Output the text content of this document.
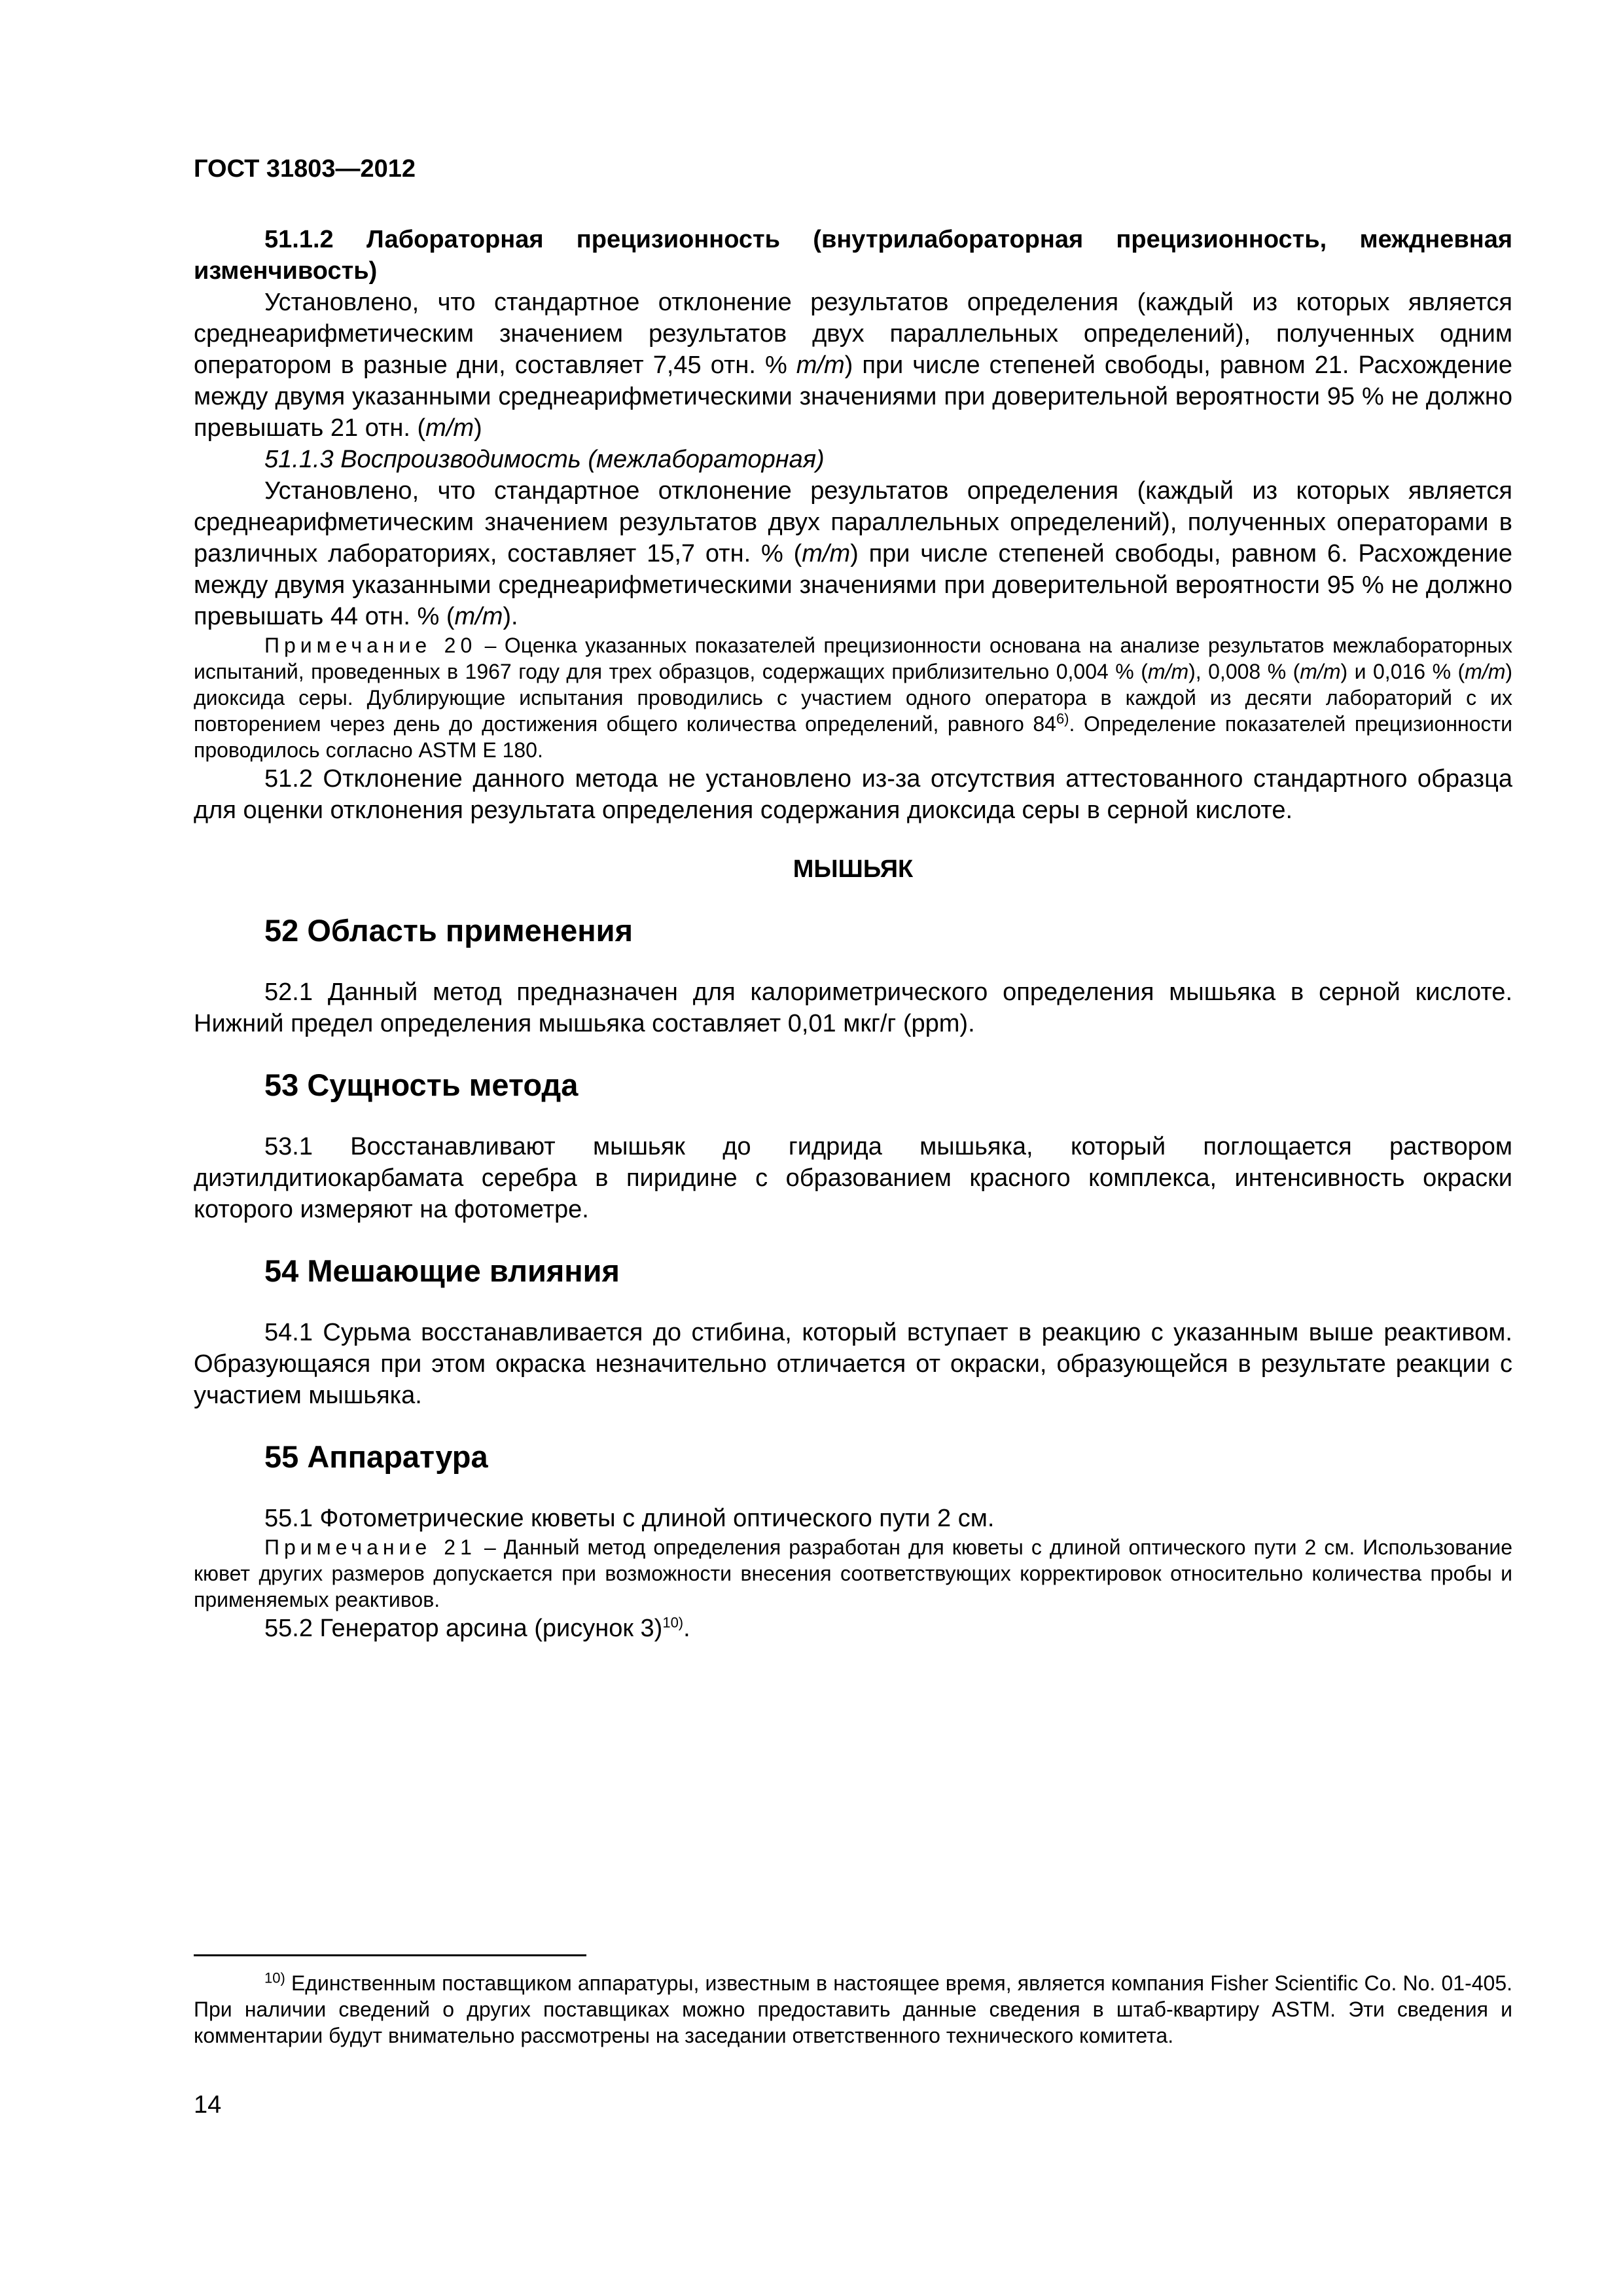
ГОСТ 31803—2012

51.1.2 Лабораторная прецизионность (внутрилабораторная прецизионность, междневная изменчивость)

Установлено, что стандартное отклонение результатов определения (каждый из которых является среднеарифметическим значением результатов двух параллельных определений), полученных одним оператором в разные дни, составляет 7,45 отн. % m/m) при числе степеней свободы, равном 21. Расхождение между двумя указанными среднеарифметическими значениями при доверительной вероятности 95 % не должно превышать 21 отн. (m/m)

51.1.3 Воспроизводимость (межлабораторная)

Установлено, что стандартное отклонение результатов определения (каждый из которых является среднеарифметическим значением результатов двух параллельных определений), полученных операторами в различных лабораториях, составляет 15,7 отн. % (m/m) при числе степеней свободы, равном 6. Расхождение между двумя указанными среднеарифметическими значениями при доверительной вероятности 95 % не должно превышать 44 отн. % (m/m).

Примечание 20 – Оценка указанных показателей прецизионности основана на анализе результатов межлабораторных испытаний, проведенных в 1967 году для трех образцов, содержащих приблизительно 0,004 % (m/m), 0,008 % (m/m) и 0,016 % (m/m) диоксида серы. Дублирующие испытания проводились с участием одного оператора в каждой из десяти лабораторий с их повторением через день до достижения общего количества определений, равного 84$^{6)}$. Определение показателей прецизионности проводилось согласно ASTM E 180.

51.2 Отклонение данного метода не установлено из-за отсутствия аттестованного стандартного образца для оценки отклонения результата определения содержания диоксида серы в серной кислоте.

МЫШЬЯК
52 Область применения

52.1 Данный метод предназначен для калориметрического определения мышьяка в серной кислоте. Нижний предел определения мышьяка составляет 0,01 мкг/г (ppm).

53 Сущность метода

53.1 Восстанавливают мышьяк до гидрида мышьяка, который поглощается раствором диэтилдитиокарбамата серебра в пиридине с образованием красного комплекса, интенсивность окраски которого измеряют на фотометре.

54 Мешающие влияния

54.1 Сурьма восстанавливается до стибина, который вступает в реакцию с указанным выше реактивом. Образующаяся при этом окраска незначительно отличается от окраски, образующейся в результате реакции с участием мышьяка.

55 Аппаратура

55.1 Фотометрические кюветы с длиной оптического пути 2 см.

Примечание 21 – Данный метод определения разработан для кюветы с длиной оптического пути 2 см. Использование кювет других размеров допускается при возможности внесения соответствующих корректировок относительно количества пробы и применяемых реактивов.

55.2 Генератор арсина (рисунок 3)$^{10)}$.

$^{10)}$ Единственным поставщиком аппаратуры, известным в настоящее время, является компания Fisher Scientific Co. No. 01-405. При наличии сведений о других поставщиках можно предоставить данные сведения в штаб-квартиру ASTM. Эти сведения и комментарии будут внимательно рассмотрены на заседании ответственного технического комитета.

14
